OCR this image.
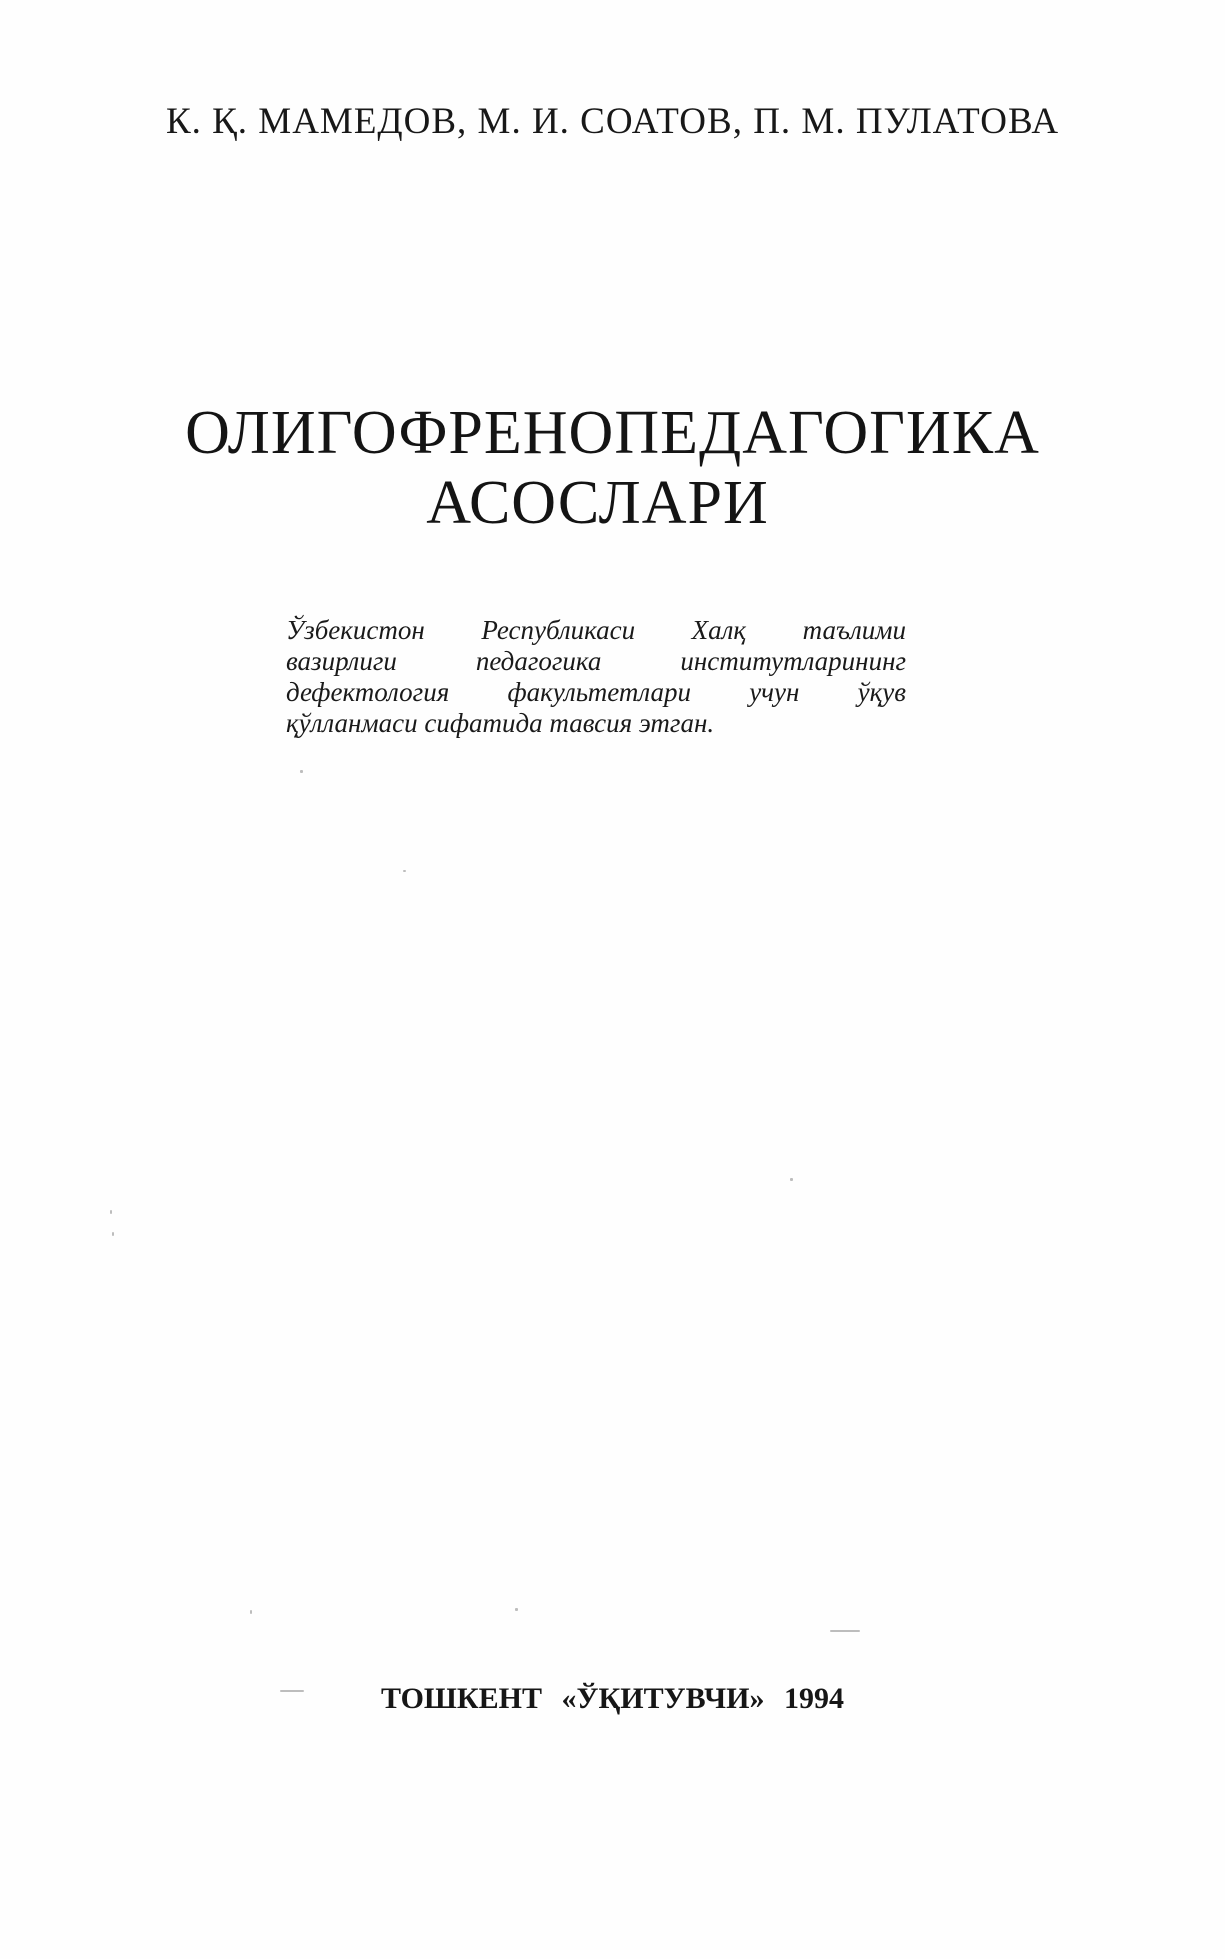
К. Қ. МАМЕДОВ, М. И. СОАТОВ, П. М. ПУЛАТОВА
ОЛИГОФРЕНОПЕДАГОГИКА
АСОСЛАРИ
Ўзбекистон Республикаси Халқ таълими
вазирлиги педагогика институтларининг
дефектология факультетлари учун ўқув
қўлланмаси сифатида тавсия этган.
ТОШКЕНТ «ЎҚИТУВЧИ» 1994
